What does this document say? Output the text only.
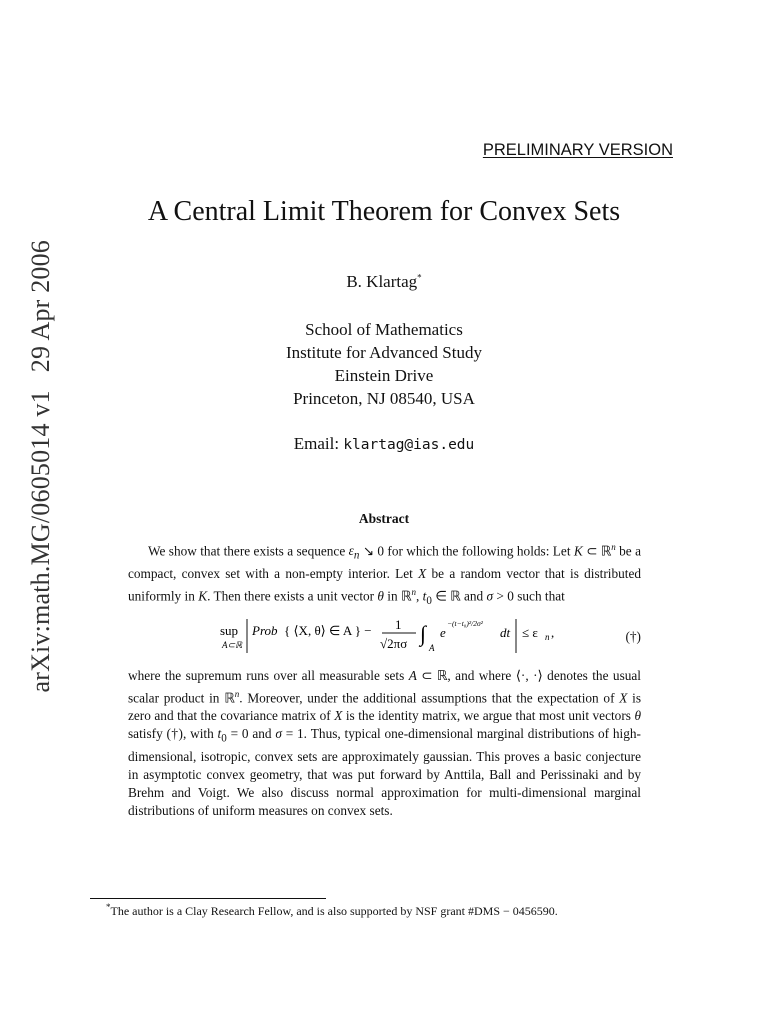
arXiv:math.MG/0605014 v129 Apr 2006
PRELIMINARY VERSION
A Central Limit Theorem for Convex Sets
B. Klartag*
School of Mathematics
Institute for Advanced Study
Einstein Drive
Princeton, NJ 08540, USA
Email: klartag@ias.edu
Abstract

We show that there exists a sequence $\varepsilon_n$ ↘ 0 for which the following holds: Let K ⊂ ℝ$^n$ be a compact, convex set with a non-empty interior. Let X be a random vector that is distributed uniformly in K. Then there exists a unit vector θ in ℝ$^n$, $t_0$ ∈ ℝ and σ > 0 such that

sup
A⊂ℝ
Prob { ⟨X, θ⟩ ∈ A } − 1
√2πσ ∫
A
e
−(t−t₀)²/2σ²
dt ≤ ε n ,	(†)

where the supremum runs over all measurable sets A ⊂ ℝ, and where ⟨·, ·⟩ denotes the usual scalar product in ℝ$^n$. Moreover, under the additional assumptions that the expectation of X is zero and that the covariance matrix of X is the identity matrix, we argue that most unit vectors θ satisfy (†), with $t_0 = 0$ and σ = 1. Thus, typical one-dimensional marginal distributions of high-dimensional, isotropic, convex sets are approximately gaussian. This proves a basic conjecture in asymptotic convex geometry, that was put forward by Anttila, Ball and Perissinaki and by Brehm and Voigt. We also discuss normal approximation for multi-dimensional marginal distributions of uniform measures on convex sets.

*The author is a Clay Research Fellow, and is also supported by NSF grant #DMS − 0456590.
